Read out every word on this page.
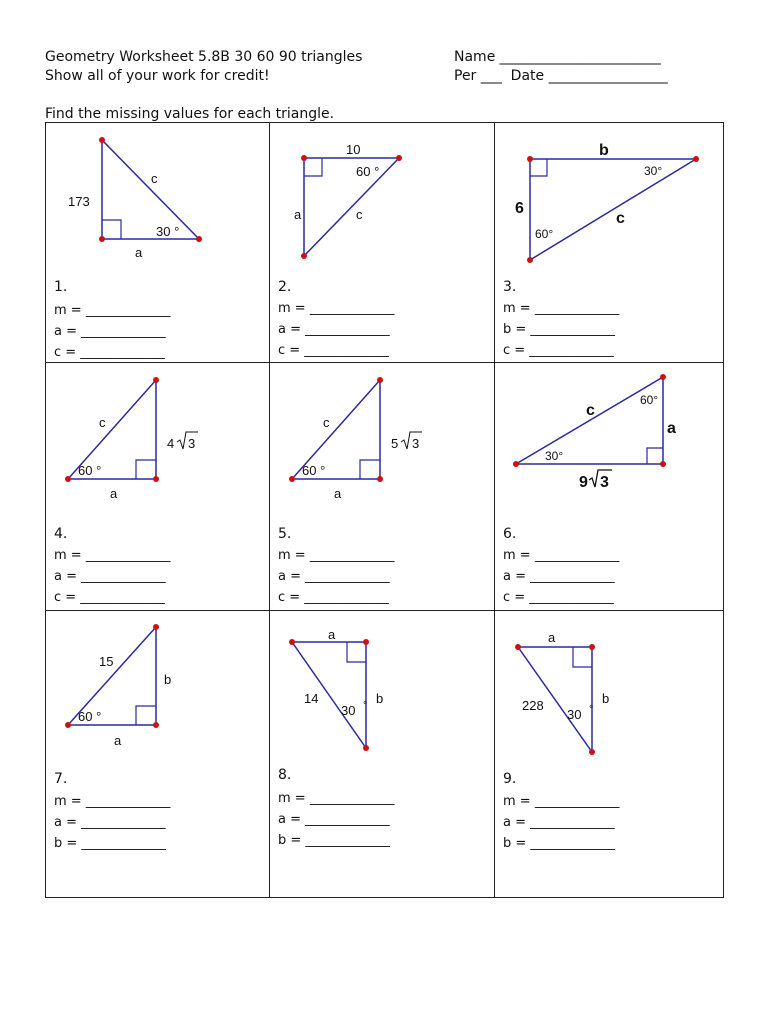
Geometry Worksheet 5.8B 30 60 90 triangles
Show all of your work for credit!
Name _______________________
Per ___  Date _________________
Find the missing values for each triangle.
173
c
30 °
a
1.
m = _____________
a = _____________
c = _____________
10
60 °
a	c
2.
m = _____________
a = _____________
c = _____________
b
30°
6
c
60°
3.
m = _____________
b = _____________
c = _____________
c
4 3
60 °
a
4.
m = _____________
a = _____________
c = _____________
c
5 3
60 °
a
5.
m = _____________
a = _____________
c = _____________
c
60°
a
30°
9 3
6.
m = _____________
a = _____________
c = _____________
15
b
60 °
a
7.
m = _____________
a = _____________
b = _____________
a
14
30 ° b
8.
m = _____________
a = _____________
b = _____________
a
228
30 °
b
9.
m = _____________
a = _____________
b = _____________
